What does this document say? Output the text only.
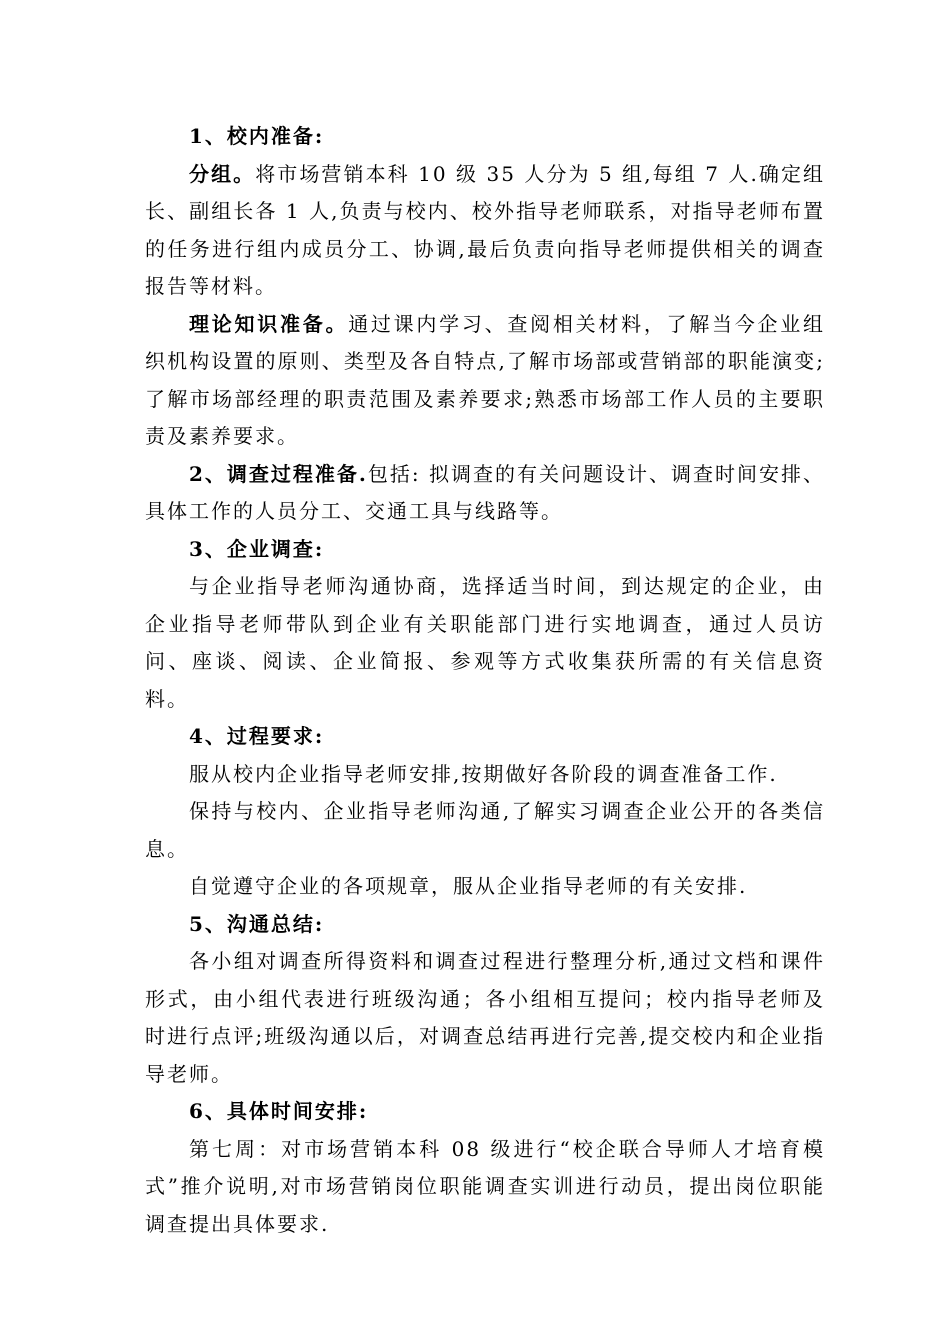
1、校内准备:

分组。将市场营销本科 10 级 35 人分为 5 组,每组 7 人.确定组长、副组长各 1 人,负责与校内、校外指导老师联系，对指导老师布置的任务进行组内成员分工、协调,最后负责向指导老师提供相关的调查报告等材料。

理论知识准备。通过课内学习、查阅相关材料，了解当今企业组织机构设置的原则、类型及各自特点,了解市场部或营销部的职能演变;了解市场部经理的职责范围及素养要求;熟悉市场部工作人员的主要职责及素养要求。

2、调查过程准备.包括: 拟调查的有关问题设计、调查时间安排、具体工作的人员分工、交通工具与线路等。

3、企业调查:

与企业指导老师沟通协商，选择适当时间，到达规定的企业，由企业指导老师带队到企业有关职能部门进行实地调查，通过人员访问、座谈、阅读、企业简报、参观等方式收集获所需的有关信息资料。

4、过程要求:

服从校内企业指导老师安排,按期做好各阶段的调查准备工作.

保持与校内、企业指导老师沟通,了解实习调查企业公开的各类信息。

自觉遵守企业的各项规章，服从企业指导老师的有关安排.

5、沟通总结:

各小组对调查所得资料和调查过程进行整理分析,通过文档和课件形式，由小组代表进行班级沟通；各小组相互提问；校内指导老师及时进行点评;班级沟通以后，对调查总结再进行完善,提交校内和企业指导老师。

6、具体时间安排:

第七周：对市场营销本科 08 级进行“校企联合导师人才培育模式”推介说明,对市场营销岗位职能调查实训进行动员，提出岗位职能调查提出具体要求.
